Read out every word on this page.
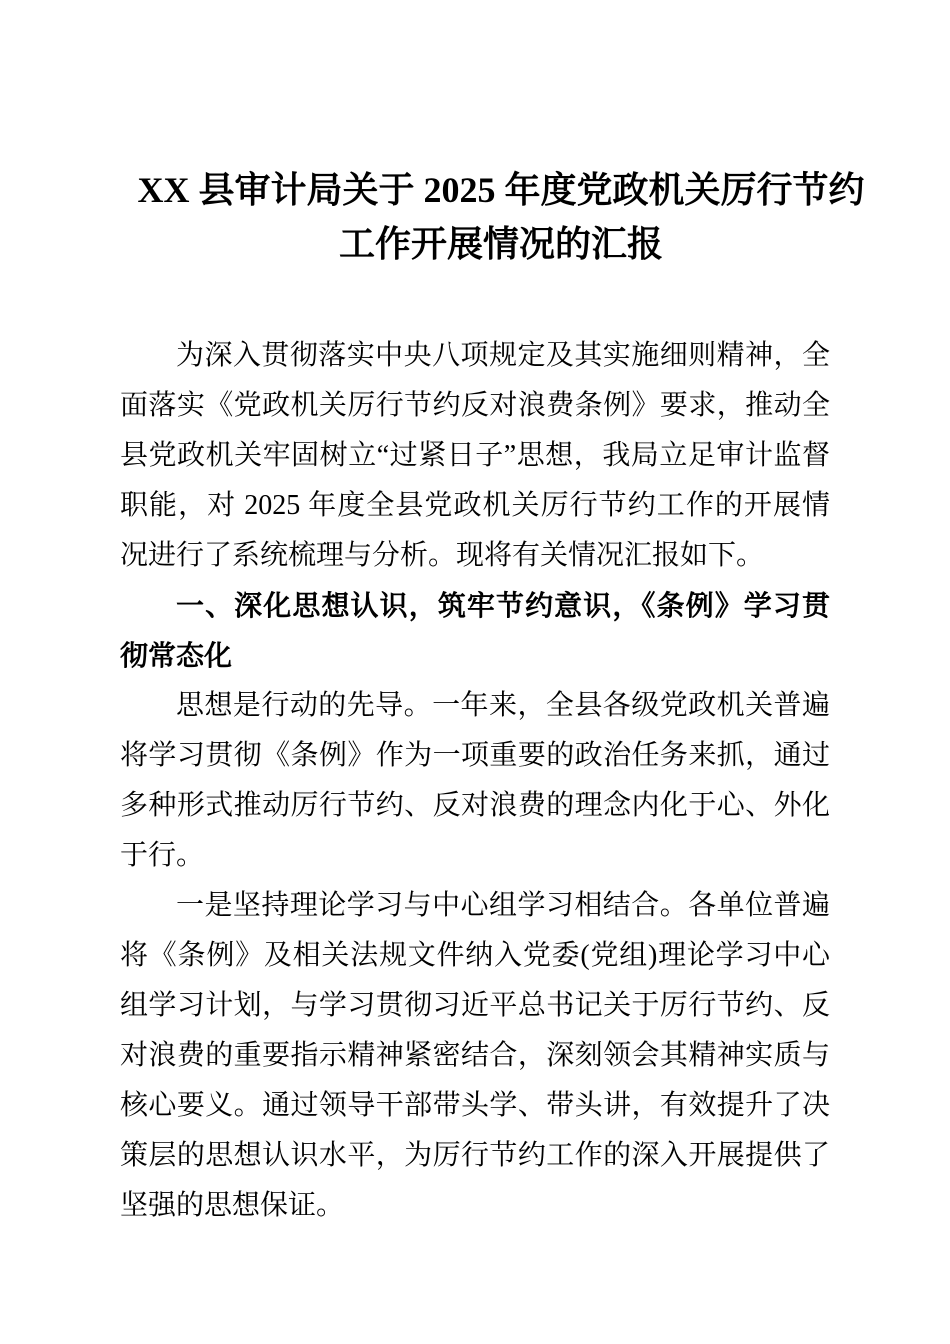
XX 县审计局关于 2025 年度党政机关厉行节约工作开展情况的汇报

为深入贯彻落实中央八项规定及其实施细则精神，全面落实《党政机关厉行节约反对浪费条例》要求，推动全县党政机关牢固树立“过紧日子”思想，我局立足审计监督职能，对 2025 年度全县党政机关厉行节约工作的开展情况进行了系统梳理与分析。现将有关情况汇报如下。

一、深化思想认识，筑牢节约意识，《条例》学习贯彻常态化

思想是行动的先导。一年来，全县各级党政机关普遍将学习贯彻《条例》作为一项重要的政治任务来抓，通过多种形式推动厉行节约、反对浪费的理念内化于心、外化于行。

一是坚持理论学习与中心组学习相结合。各单位普遍将《条例》及相关法规文件纳入党委(党组)理论学习中心组学习计划，与学习贯彻习近平总书记关于厉行节约、反对浪费的重要指示精神紧密结合，深刻领会其精神实质与核心要义。通过领导干部带头学、带头讲，有效提升了决策层的思想认识水平，为厉行节约工作的深入开展提供了坚强的思想保证。
